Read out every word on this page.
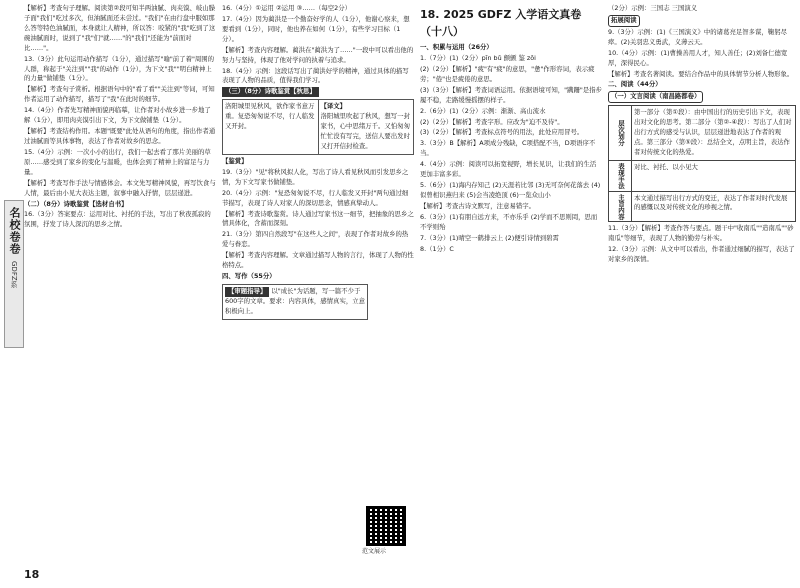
名校卷卷
GDFZ系

【解析】考查句子理解。阅读第②段可知半两油腻、肉夹馍、岐山臊子面"我们"吃过多次，但油腻面还未尝过。"我们"在由行盘中服如那么答等特色油腻面，本身就让人精神，所以答：咬紧的"我"吃到了这碗油腻面时，说到了"我"们"就……"的"我们"还能为"前面对比……"。

13.（3分）此句运用动作描写（1分），通过描写"喻"前了着"周围的人群，称起于"关注到""我"的动作（1分），为下文"我""明白精神上的力量"做铺垫（1分）。

【解析】考查句子赏析。根据语句中的"看了看""关注到"等词，可知作者运用了动作描写，描写了"我"在此时的细节。

14.（4分）作者先写精神面貌再临摹，让作者对小故乡进一步地了解（1分），即用肉夹馍引出下文，为下文做铺垫（1分）。

【解析】考查结构作用。本题"既要"此处从语句的角度，指出作者通过油腻面等具体事物，表达了作者对故乡的思念。

15.（4分）示例：一次小小的出行，我们一起去看了那片美丽的草原……感受到了家乡的变化与温暖，也体会到了精神上的富足与力量。

【解析】考查写作手法与情感体会。本文先写精神风貌，再写饮食与人情，最后由小见大表达主题，叙事中融入抒情，层层递进。

（二）（8分）诗歌鉴赏【选材自书】

16.（3分）答案要点：运用对比、衬托的手法，写出了秋夜孤寂的氛围，抒发了诗人深沉的思乡之情。

16.（4分）①运用 ②运用 ③……（每空2分）

17.（4分）因为蔺洪是一个勤奋好学的人（1分），他谢心察来，想要看到（1分），同时，他也养在如何（1分），有些学习目标（1分）。

【解析】考查内容理解。蔺洪在"蔺洪为了……"一段中可以看出他的努力与坚持，体现了他对学问的执着与追求。

18.（4分）示例：这段话写出了蔺洪好学的精神，通过具体的描写表现了人物的品质，值得我们学习。

（三）（8分）诗歌鉴赏【秋思】
洛阳城里见秋风，欲作家书意万重。复恐匆匆说不尽，行人临发又开封。
【译文】
洛阳城里吹起了秋风，想写一封家书，心中思绪万千。又怕匆匆忙忙没有写完，送信人要出发时又打开信封检查。

【鉴赏】

19.（3分）"见"将秋风拟人化，写出了诗人看见秋风而引发思乡之情，为下文写家书做铺垫。

20.（4分）示例："复恐匆匆说不尽，行人临发又开封"两句通过细节描写，表现了诗人对家人的深切思念，情感真挚动人。

【解析】考查诗歌鉴赏。诗人通过写家书这一细节，把抽象的思乡之情具体化，含蓄而深刻。

21.（3分）第四自然段写"在这些人之间"，表现了作者对故乡的热爱与眷恋。

【解析】考查内容理解。文章通过描写人物的言行，体现了人物的性格特点。

四、写作（55分）

【审题指导】 以"成长"为话题，写一篇不少于600字的文章。要求：内容具体，感情真实，立意积极向上。
范文展示
18. 2025 GDFZ 入学语文真卷（十八）

一、积累与运用（26分）

1.（7分）(1)（2分）pīn bǔ 颤颤 鉴 zōi

(2)（2分）【解析】"疲"有"疲"的意思，"惫"作形容词，表示疲劳；"倦"也是疲倦的意思。

(3)（3分）【解析】考查词语运用。依据语境可知，"蹒跚"是指步履不稳，走路缓慢摇摆的样子。

2.（6分）(1)（2分）示例：渐渐、高山流水

(2)（2分）【解析】考查字形。应改为"迫不及待"。

(3)（2分）【解析】考查标点符号的用法，此处应用冒号。

3.（3分）B【解析】A项成分残缺，C项搭配不当，D项语序不当。

4.（4分）示例：阅读可以拓宽视野，增长见识，让我们的生活更加丰富多彩。

5.（6分）(1)海内存知己 (2)天涯若比邻 (3)无可奈何花落去 (4)似曾相识燕归来 (5)会当凌绝顶 (6)一览众山小

【解析】考查古诗文默写，注意易错字。

6.（3分）(1)有朋自远方来，不亦乐乎 (2)学而不思则罔，思而不学则殆

7.（3分）(1)晴空一鹤排云上 (2)便引诗情到碧霄

8.（1分）C

（2分）示例：三国志 三国演义

拓展阅读

9.（3分）示例：(1)《三国演义》中的诸葛亮足智多谋，鞠躬尽瘁。(2)关羽忠义勇武，义薄云天。

10.（4分）示例：(1)曹操善用人才，知人善任；(2)刘备仁德宽厚，深得民心。

【解析】考查名著阅读。要结合作品中的具体情节分析人物形象。

二、阅读（44分）

（一）文言阅读（南昌路都卷）

层次划分
第一部分（第①段）：由中国出行的历史引出下文，表现出对文化的思考。第二部分（第②-④段）：写出了人们对出行方式的感受与认识，层层递进地表达了作者的观点。第三部分（第⑤段）：总结全文，点明主旨，表达作者对传统文化的热爱。
表现手法	对比、衬托、以小见大
主旨内容	本文通过描写出行方式的变迁，表达了作者对时代发展的感慨以及对传统文化的珍视之情。

11.（3分）【解析】考查作答与要点。题干中"收南瓜""造南瓜""砂南瓜"等细节，表现了人物的勤劳与朴实。

12.（3分）示例：从文中可以看出，作者通过细腻的描写，表达了对家乡的深情。

18
